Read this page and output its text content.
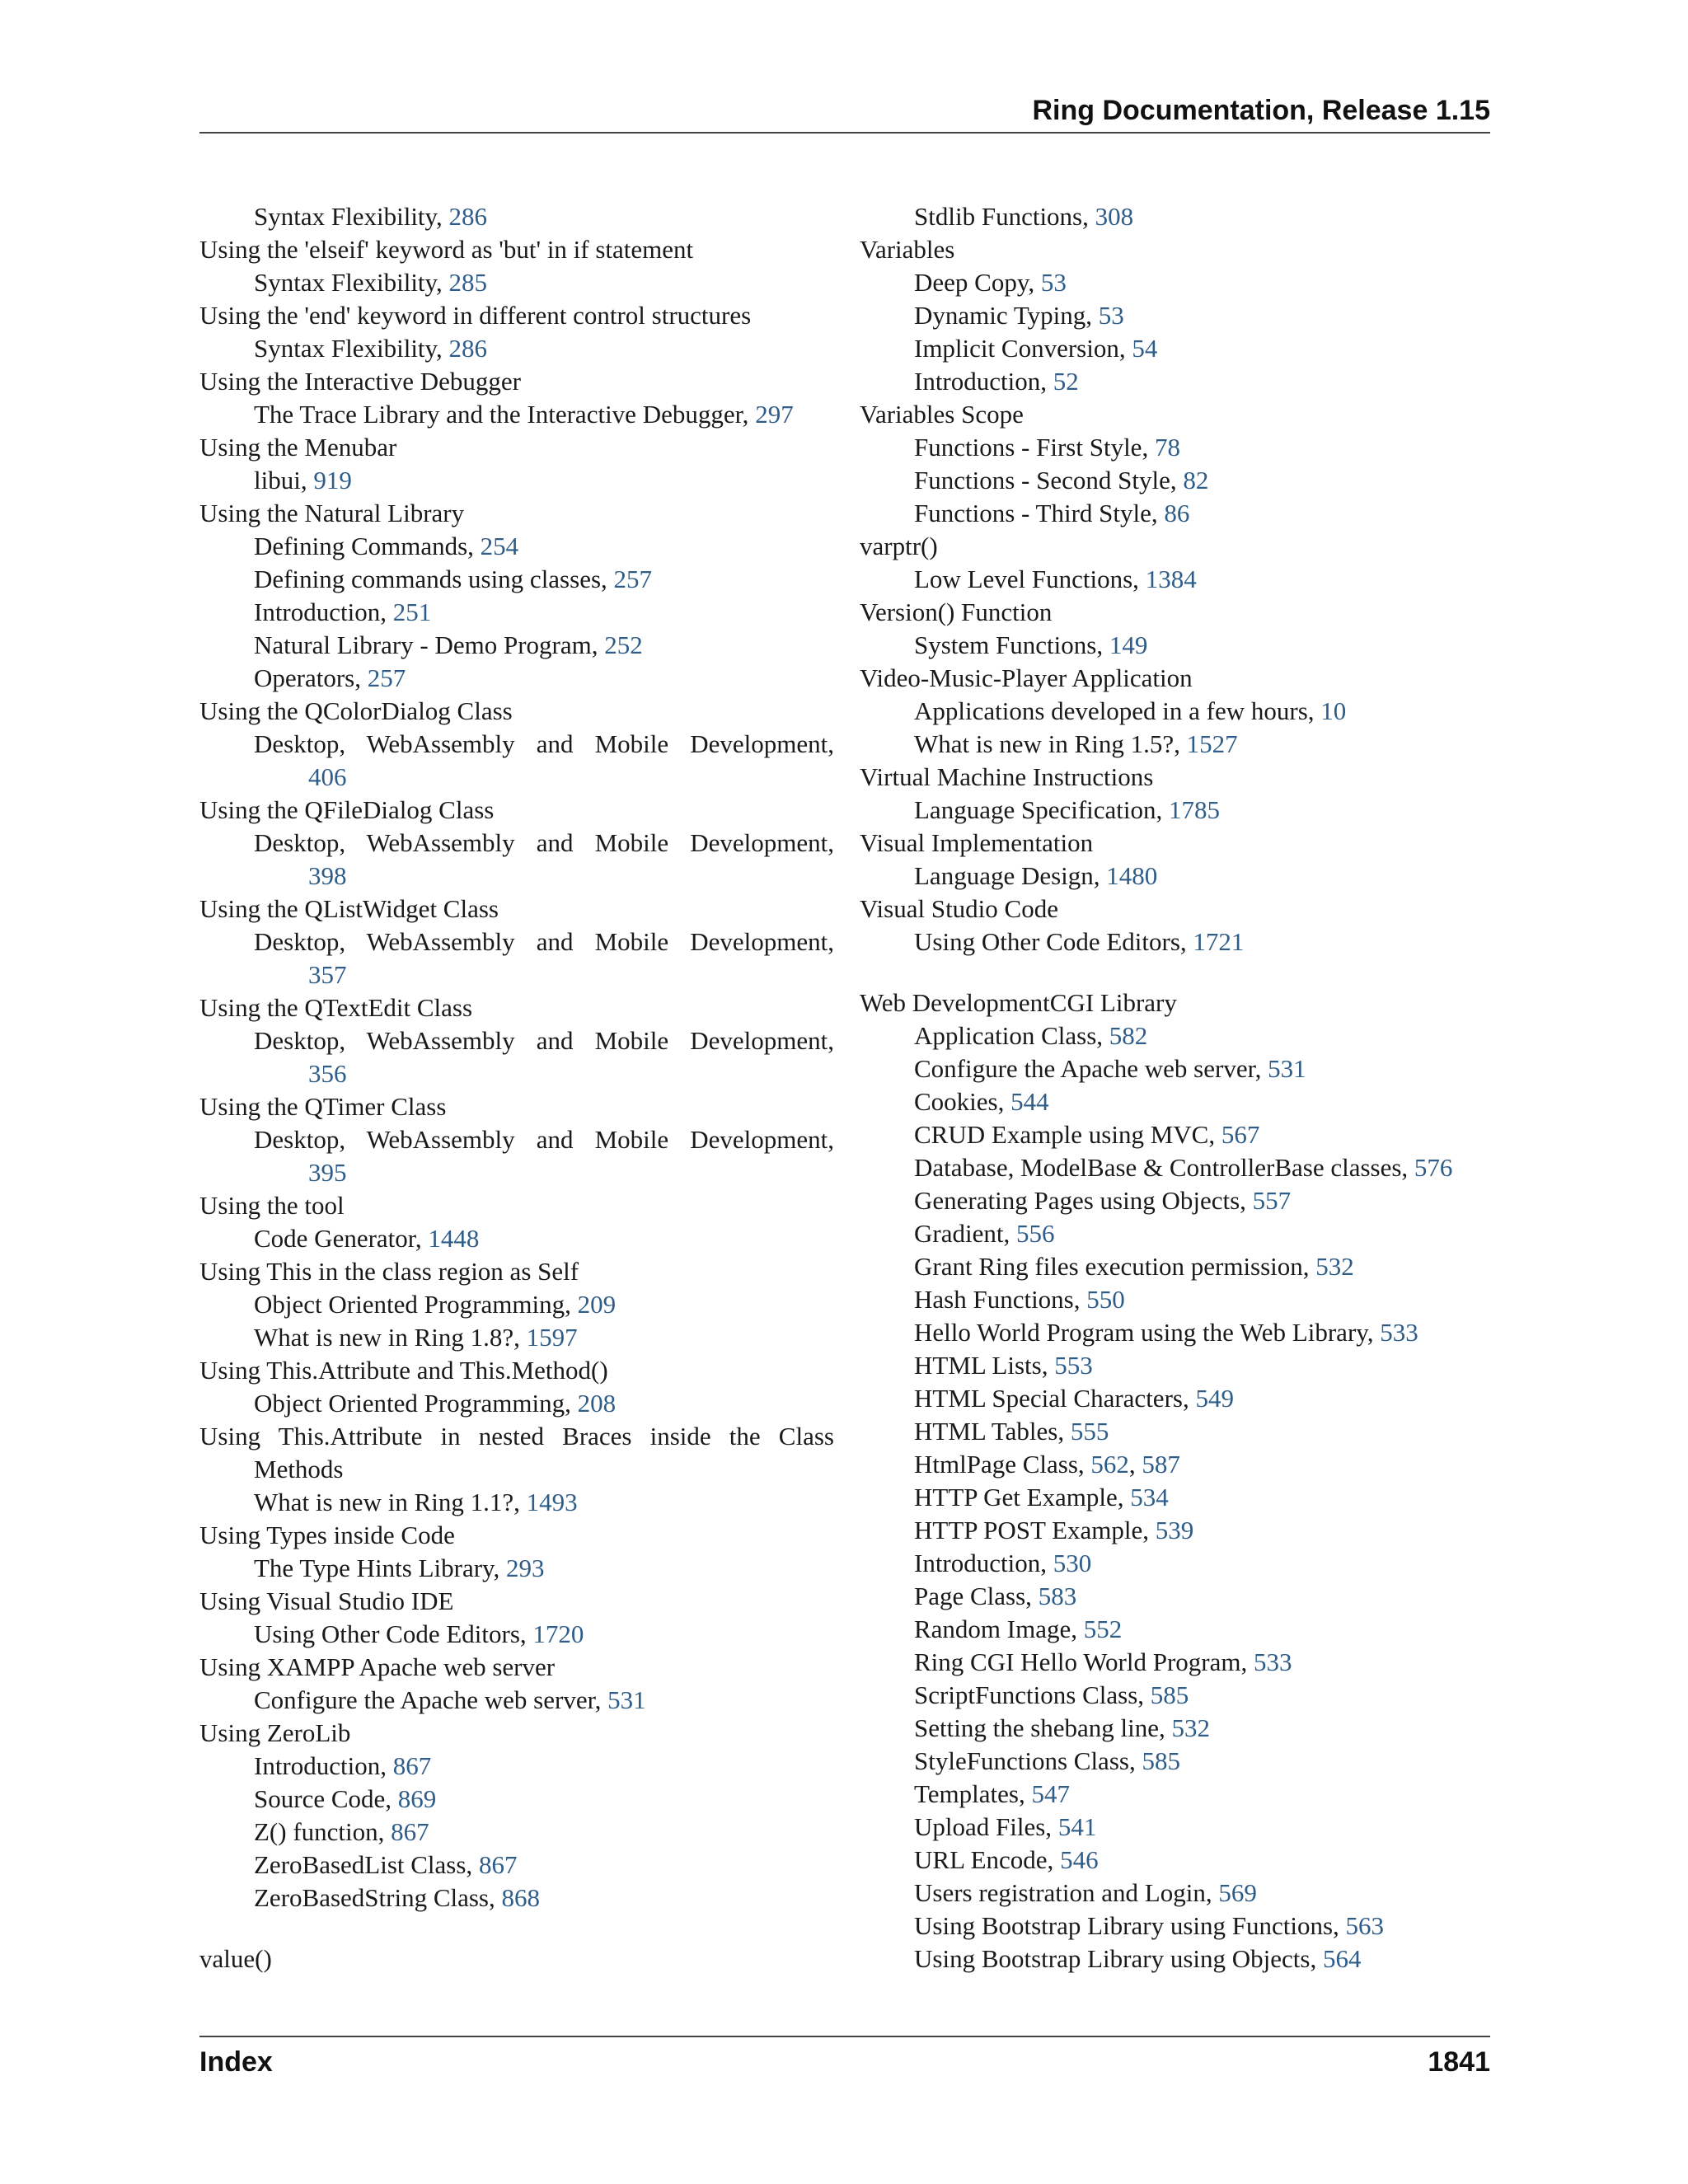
Ring Documentation, Release 1.15
Syntax Flexibility, 286
Using the 'elseif' keyword as 'but' in if statement
Syntax Flexibility, 285
Using the 'end' keyword in different control structures
Syntax Flexibility, 286
Using the Interactive Debugger
The Trace Library and the Interactive Debugger, 297
Using the Menubar
libui, 919
Using the Natural Library
Defining Commands, 254
Defining commands using classes, 257
Introduction, 251
Natural Library - Demo Program, 252
Operators, 257
Using the QColorDialog Class
Desktop, WebAssembly and Mobile Development,
406
Using the QFileDialog Class
Desktop, WebAssembly and Mobile Development,
398
Using the QListWidget Class
Desktop, WebAssembly and Mobile Development,
357
Using the QTextEdit Class
Desktop, WebAssembly and Mobile Development,
356
Using the QTimer Class
Desktop, WebAssembly and Mobile Development,
395
Using the tool
Code Generator, 1448
Using This in the class region as Self
Object Oriented Programming, 209
What is new in Ring 1.8?, 1597
Using This.Attribute and This.Method()
Object Oriented Programming, 208
Using This.Attribute in nested Braces inside the Class
Methods
What is new in Ring 1.1?, 1493
Using Types inside Code
The Type Hints Library, 293
Using Visual Studio IDE
Using Other Code Editors, 1720
Using XAMPP Apache web server
Configure the Apache web server, 531
Using ZeroLib
Introduction, 867
Source Code, 869
Z() function, 867
ZeroBasedList Class, 867
ZeroBasedString Class, 868
value()
Stdlib Functions, 308
Variables
Deep Copy, 53
Dynamic Typing, 53
Implicit Conversion, 54
Introduction, 52
Variables Scope
Functions - First Style, 78
Functions - Second Style, 82
Functions - Third Style, 86
varptr()
Low Level Functions, 1384
Version() Function
System Functions, 149
Video-Music-Player Application
Applications developed in a few hours, 10
What is new in Ring 1.5?, 1527
Virtual Machine Instructions
Language Specification, 1785
Visual Implementation
Language Design, 1480
Visual Studio Code
Using Other Code Editors, 1721
Web DevelopmentCGI Library
Application Class, 582
Configure the Apache web server, 531
Cookies, 544
CRUD Example using MVC, 567
Database, ModelBase & ControllerBase classes, 576
Generating Pages using Objects, 557
Gradient, 556
Grant Ring files execution permission, 532
Hash Functions, 550
Hello World Program using the Web Library, 533
HTML Lists, 553
HTML Special Characters, 549
HTML Tables, 555
HtmlPage Class, 562, 587
HTTP Get Example, 534
HTTP POST Example, 539
Introduction, 530
Page Class, 583
Random Image, 552
Ring CGI Hello World Program, 533
ScriptFunctions Class, 585
Setting the shebang line, 532
StyleFunctions Class, 585
Templates, 547
Upload Files, 541
URL Encode, 546
Users registration and Login, 569
Using Bootstrap Library using Functions, 563
Using Bootstrap Library using Objects, 564
Index	1841
